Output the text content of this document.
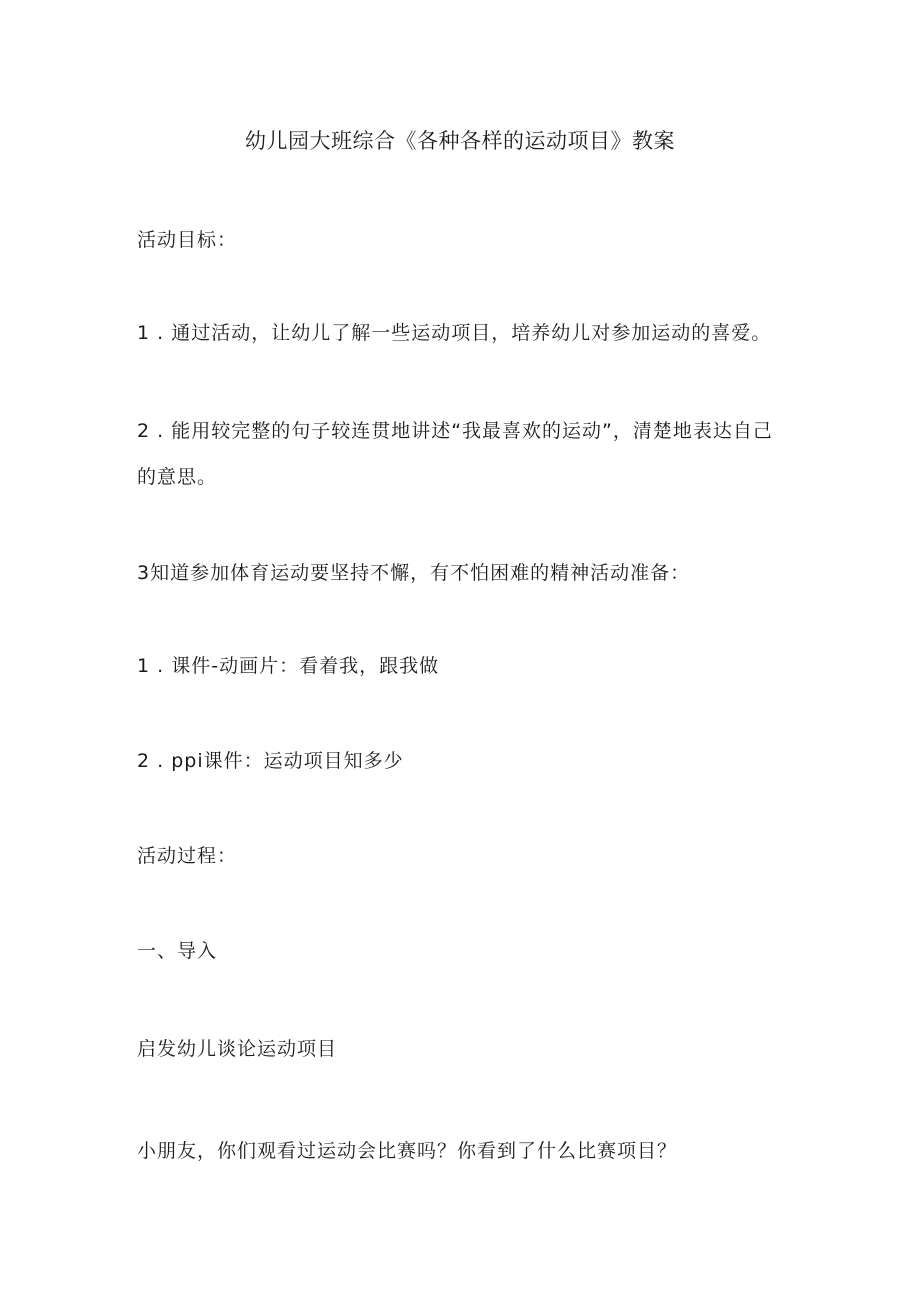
幼儿园大班综合《各种各样的运动项目》教案
活动目标：
1 . 通过活动，让幼儿了解一些运动项目，培养幼儿对参加运动的喜爱。
2 . 能用较完整的句子较连贯地讲述“我最喜欢的运动”，清楚地表达自己的意思。
3知道参加体育运动要坚持不懈，有不怕困难的精神活动准备：
1 . 课件-动画片：看着我，跟我做
2 . ppi课件：运动项目知多少
活动过程：
一、导入
启发幼儿谈论运动项目
小朋友，你们观看过运动会比赛吗？你看到了什么比赛项目？
